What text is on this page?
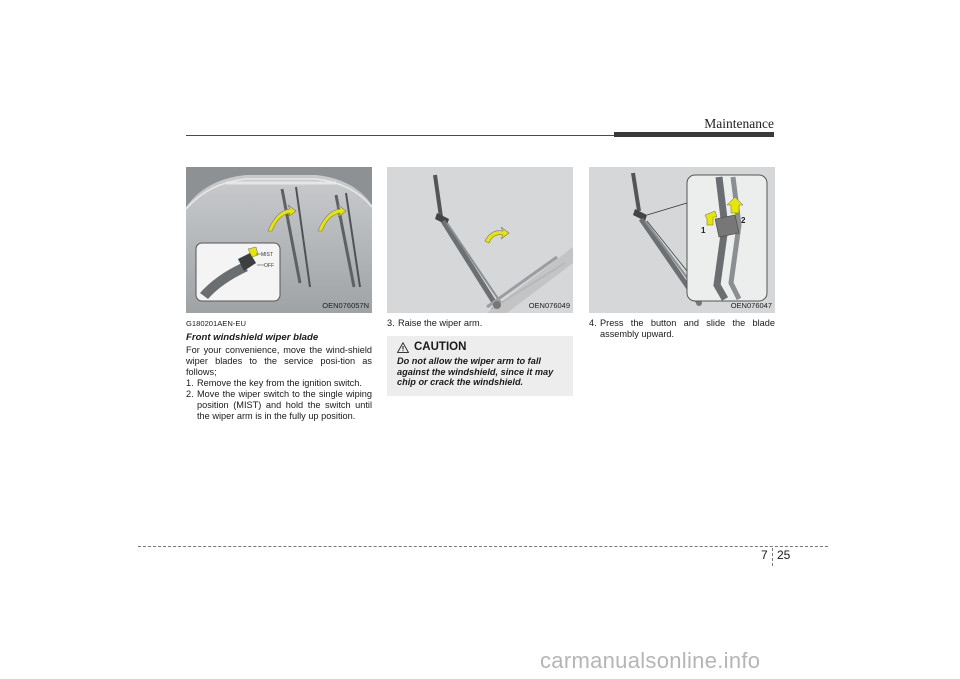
Maintenance
MIST
OFF
OEN076057N	OEN076049
1
2
OEN076047
G180201AEN-EU
Front windshield wiper blade
For your convenience, move the wind-shield wiper blades to the service posi-tion as follows;
1. Remove the key from the ignition switch.
2. Move the wiper switch to the single wiping position (MIST) and hold the switch until the wiper arm is in the fully up position.
3. Raise the wiper arm.
CAUTION
Do not allow the wiper arm to fall against the windshield, since it may chip or crack the windshield.
4. Press the button and slide the blade assembly upward.
7 25
carmanualsonline.info
